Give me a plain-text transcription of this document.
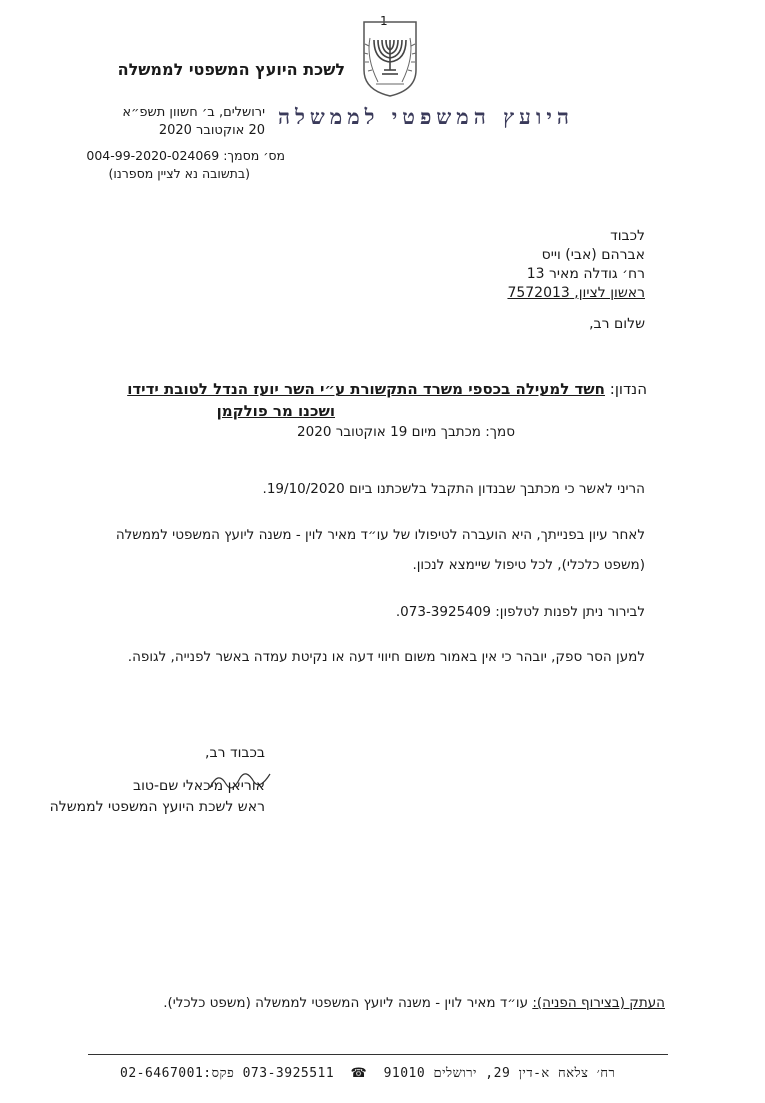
1
לשכת היועץ המשפטי לממשלה
היועץ המשפטי לממשלה
ירושלים, ב׳ חשוון תשפ״א
20 אוקטובר 2020
מס׳ מסמך: 004-99-2020-024069
(בתשובה נא לציין מספרנו)
לכבוד
אברהם (אבי) וייס
רח׳ גודלה מאיר 13
ראשון לציון, 7572013
שלום רב,
הנדון: חשד למעילה בכספי משרד התקשורת ע״י השר יועז הנדל לטובת ידידו
ושכנו מר פולקמן
סמך: מכתבך מיום 19 אוקטובר 2020
הריני לאשר כי מכתבך שבנדון התקבל בלשכתנו ביום 19/10/2020.
לאחר עיון בפנייתך, היא הועברה לטיפולו של עו״ד מאיר לוין - משנה ליועץ המשפטי לממשלה
(משפט כלכלי), לכל טיפול שיימצא לנכון.
לבירור ניתן לפנות לטלפון: 073-3925409.
למען הסר ספק, יובהר כי אין באמור משום חיווי דעה או נקיטת עמדה באשר לפנייה, לגופה.
בכבוד רב,
אוריאן מיכאלי שם-טוב
ראש לשכת היועץ המשפטי לממשלה
העתק (בצירוף הפניה): עו״ד מאיר לוין - משנה ליועץ המשפטי לממשלה (משפט כלכלי).
רח׳ צלאח א-דין 29, ירושלים 91010 ☎ 073-3925511 פקס:02-6467001
